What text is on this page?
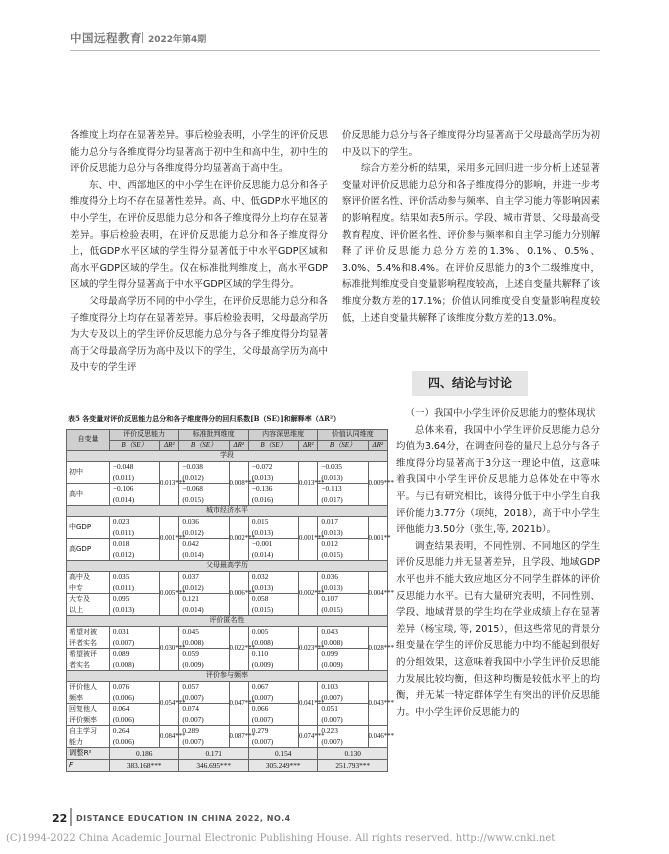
中国远程教育 2022年第4期

各维度上均存在显著差异。事后检验表明，小学生的评价反思能力总分与各维度得分均显著高于初中生和高中生，初中生的评价反思能力总分与各维度得分均显著高于高中生。

东、中、西部地区的中小学生在评价反思能力总分和各子维度得分上均不存在显著性差异。高、中、低GDP水平地区的中小学生，在评价反思能力总分和各子维度得分上均存在显著差异。事后检验表明，在评价反思能力总分和各子维度得分上，低GDP水平区域的学生得分显著低于中水平GDP区域和高水平GDP区域的学生。仅在标准批判维度上，高水平GDP区域的学生得分显著高于中水平GDP区域的学生得分。

父母最高学历不同的中小学生，在评价反思能力总分和各子维度得分上均存在显著差异。事后检验表明，父母最高学历为大专及以上的学生评价反思能力总分与各子维度得分均显著高于父母最高学历为高中及以下的学生，父母最高学历为高中及中专的学生评

价反思能力总分与各子维度得分均显著高于父母最高学历为初中及以下的学生。

综合方差分析的结果，采用多元回归进一步分析上述显著变量对评价反思能力总分和各子维度得分的影响，并进一步考察评价匿名性、评价活动参与频率、自主学习能力等影响因素的影响程度。结果如表5所示。学段、城市背景、父母最高受教育程度、评价匿名性、评价参与频率和自主学习能力分别解释了评价反思能力总分方差的1.3%、0.1%、0.5%、3.0%、5.4%和8.4%。在评价反思能力的3个二级维度中，标准批判维度受自变量影响程度较高，上述自变量共解释了该维度分数方差的17.1%；价值认同维度受自变量影响程度较低，上述自变量共解释了该维度分数方差的13.0%。

四、结论与讨论

（一）我国中小学生评价反思能力的整体现状

总体来看，我国中小学生评价反思能力总分均值为3.64分，在调查问卷的量尺上总分与各子维度得分均显著高于3分这一理论中值，这意味着我国中小学生评价反思能力总体处在中等水平。与已有研究相比，该得分低于中小学生自我评价能力3.77分（项纯，2018），高于中小学生评他能力3.50分（张生,等, 2021b）。

调查结果表明，不同性别、不同地区的学生评价反思能力并无显著差异，且学段、地域GDP水平也并不能大致应地区分不同学生群体的评价反思能力水平。已有大量研究表明，不同性别、学段、地域背景的学生均在学业成绩上存在显著差异（杨宝琰, 等, 2015），但这些常见的背景分组变量在学生的评价反思能力中均不能起到很好的分组效果，这意味着我国中小学生评价反思能力发展比较均衡，但这种均衡是较低水平上的均衡，并无某一特定群体学生有突出的评价反思能力。中小学生评价反思能力的

表5 各变量对评价反思能力总分和各子维度得分的回归系数[B（SE）]和解释率（ΔR²）
自变量	评价反思能力		标准批判维度		内容深思维度		价值认同维度	
	B（SE）	ΔR²	B（SE）	ΔR²	B（SE）	ΔR²	B（SE）	ΔR²
学段								
初中	−0.048
(0.011)	0.013***	−0.038
(0.012)	0.008***	−0.072
(0.013)	0.013***	−0.035
(0.013)	0.009***
高中	−0.106
(0.014)		−0.068
(0.015)		−0.136
(0.016)		−0.113
(0.017)	
城市经济水平								
中GDP	0.023
(0.011)	0.001***	0.036
(0.012)	0.002***	0.015
(0.013)	0.001***	0.017
(0.013)	0.001**
高GDP	0.018
(0.012)		0.042
(0.014)		−0.001
(0.014)		0.012
(0.015)	
父母最高学历								
高中及
中专	0.035
(0.011)	0.005***	0.037
(0.012)	0.006***	0.032
(0.013)	0.002***	0.036
(0.013)	0.004***
大专及
以上	0.095
(0.013)		0.121
(0.014)		0.058
(0.015)		0.107
(0.015)	
评价匿名性								
希望对被
评者实名	0.031
(0.007)	0.030***	0.045
(0.008)	0.022***	0.005
(0.008)	0.023***	0.043
(0.008)	0.028***
希望被评
者实名	0.089
(0.008)		0.059
(0.009)		0.110
(0.009)		0.099
(0.009)	
评价参与频率								
评价他人
频率	0.076
(0.006)	0.054***	0.057
(0.007)	0.047***	0.067
(0.007)	0.041***	0.103
(0.007)	0.043***
回复他人
评价频率	0.064
(0.006)		0.074
(0.007)		0.066
(0.007)		0.051
(0.007)	
自主学习
能力	0.264
(0.006)	0.084***	0.289
(0.007)	0.087***	0.279
(0.007)	0.074***	0.223
(0.007)	0.046***
调整R²	0.186		0.171		0.154		0.130	
F	383.168***		346.695***		305.249***		251.793***	
22 DISTANCE EDUCATION IN CHINA 2022, NO.4
(C)1994-2022 China Academic Journal Electronic Publishing House. All rights reserved. http://www.cnki.net
